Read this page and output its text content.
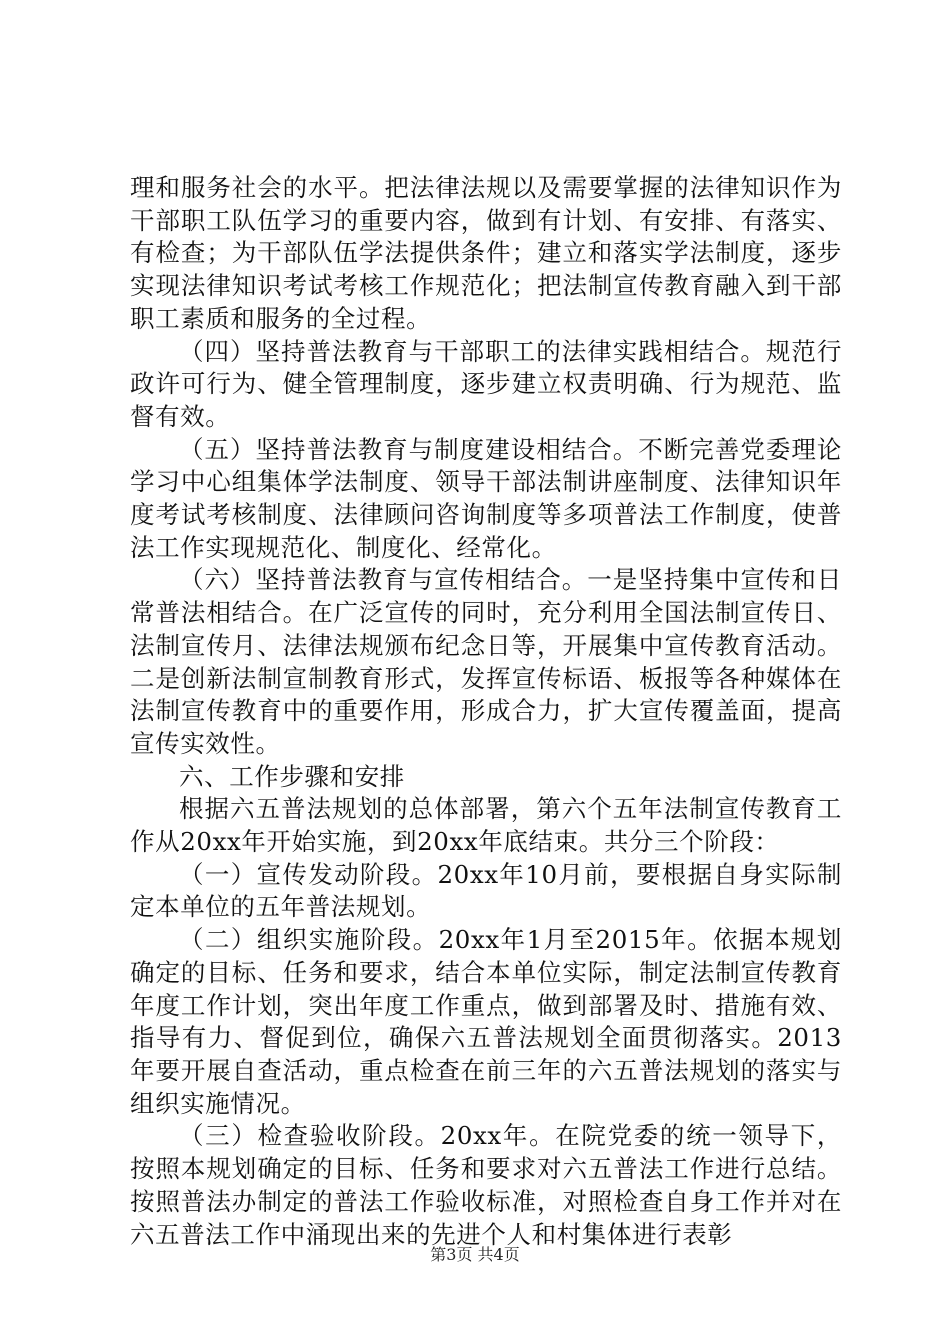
理和服务社会的水平。把法律法规以及需要掌握的法律知识作为干部职工队伍学习的重要内容，做到有计划、有安排、有落实、有检查；为干部队伍学法提供条件；建立和落实学法制度，逐步实现法律知识考试考核工作规范化；把法制宣传教育融入到干部职工素质和服务的全过程。

（四）坚持普法教育与干部职工的法律实践相结合。规范行政许可行为、健全管理制度，逐步建立权责明确、行为规范、监督有效。

（五）坚持普法教育与制度建设相结合。不断完善党委理论学习中心组集体学法制度、领导干部法制讲座制度、法律知识年度考试考核制度、法律顾问咨询制度等多项普法工作制度，使普法工作实现规范化、制度化、经常化。

（六）坚持普法教育与宣传相结合。一是坚持集中宣传和日常普法相结合。在广泛宣传的同时，充分利用全国法制宣传日、法制宣传月、法律法规颁布纪念日等，开展集中宣传教育活动。二是创新法制宣制教育形式，发挥宣传标语、板报等各种媒体在法制宣传教育中的重要作用，形成合力，扩大宣传覆盖面，提高宣传实效性。

六、工作步骤和安排

根据六五普法规划的总体部署，第六个五年法制宣传教育工作从20xx年开始实施，到20xx年底结束。共分三个阶段：

（一）宣传发动阶段。20xx年10月前，要根据自身实际制定本单位的五年普法规划。

（二）组织实施阶段。20xx年1月至2015年。依据本规划确定的目标、任务和要求，结合本单位实际，制定法制宣传教育年度工作计划，突出年度工作重点，做到部署及时、措施有效、指导有力、督促到位，确保六五普法规划全面贯彻落实。2013年要开展自查活动，重点检查在前三年的六五普法规划的落实与组织实施情况。

（三）检查验收阶段。20xx年。在院党委的统一领导下，按照本规划确定的目标、任务和要求对六五普法工作进行总结。按照普法办制定的普法工作验收标准，对照检查自身工作并对在六五普法工作中涌现出来的先进个人和村集体进行表彰

第3页 共4页
